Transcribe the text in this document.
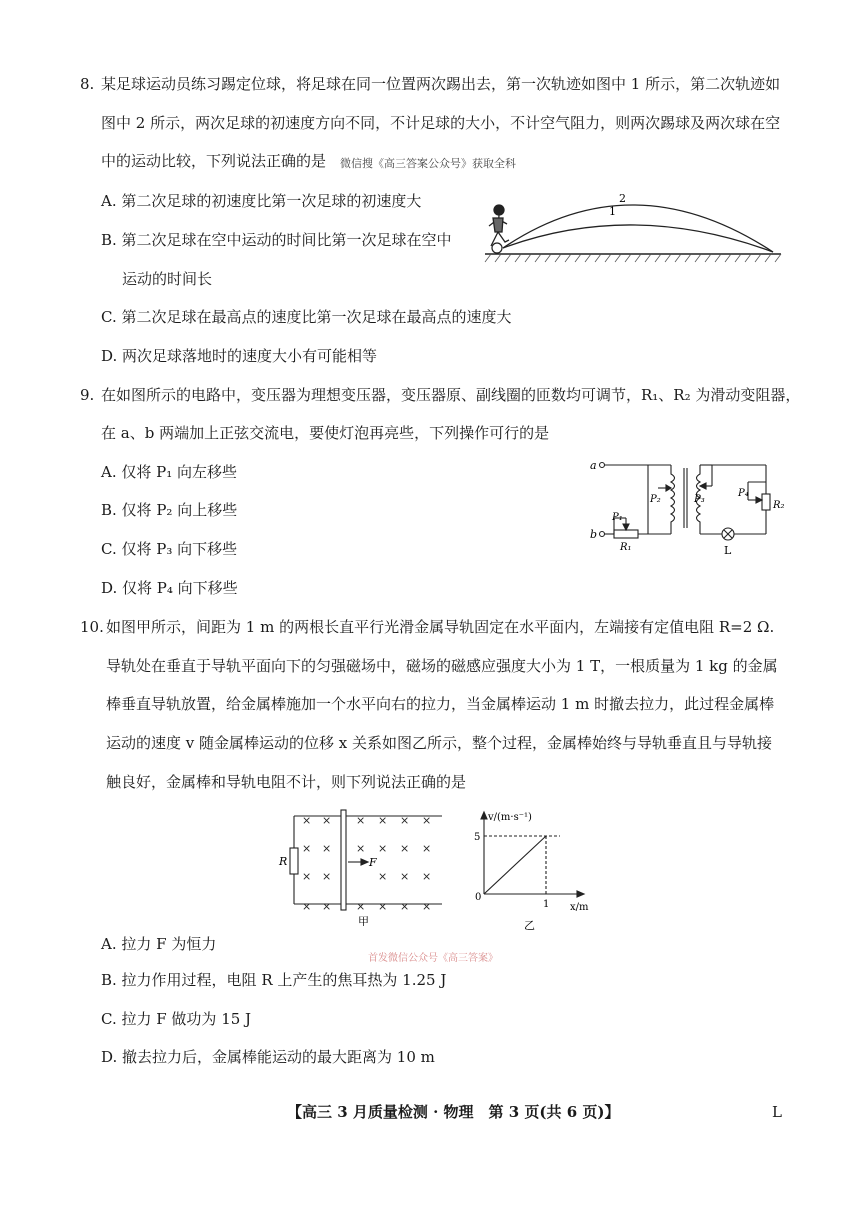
8. 某足球运动员练习踢定位球，将足球在同一位置两次踢出去，第一次轨迹如图中 1 所示，第二次轨迹如
图中 2 所示，两次足球的初速度方向不同，不计足球的大小，不计空气阻力，则两次踢球及两次球在空
中的运动比较，下列说法正确的是 微信搜《高三答案公众号》获取全科
A. 第二次足球的初速度比第一次足球的初速度大
B. 第二次足球在空中运动的时间比第一次足球在空中
运动的时间长
C. 第二次足球在最高点的速度比第一次足球在最高点的速度大
D. 两次足球落地时的速度大小有可能相等
2
1
9. 在如图所示的电路中，变压器为理想变压器，变压器原、副线圈的匝数均可调节，R₁、R₂ 为滑动变阻器，
在 a、b 两端加上正弦交流电，要使灯泡再亮些，下列操作可行的是
A. 仅将 P₁ 向左移些
B. 仅将 P₂ 向上移些
C. 仅将 P₃ 向下移些
D. 仅将 P₄ 向下移些
a
b
P₂	P₃
P₄
R₂
P₁
R₁	L
10. 如图甲所示，间距为 1 m 的两根长直平行光滑金属导轨固定在水平面内，左端接有定值电阻 R=2 Ω.
导轨处在垂直于导轨平面向下的匀强磁场中，磁场的磁感应强度大小为 1 T，一根质量为 1 kg 的金属
棒垂直导轨放置，给金属棒施加一个水平向右的拉力，当金属棒运动 1 m 时撤去拉力，此过程金属棒
运动的速度 v 随金属棒运动的位移 x 关系如图乙所示，整个过程，金属棒始终与导轨垂直且与导轨接
触良好，金属棒和导轨电阻不计，则下列说法正确的是
× × × × × ×
× × × × × ×
× ×	× × ×
× × × × × ×
R	F
甲
v/(m·s⁻¹)
x/m
5
1
0
乙
A. 拉力 F 为恒力
首发微信公众号《高三答案》
B. 拉力作用过程，电阻 R 上产生的焦耳热为 1.25 J
C. 拉力 F 做功为 15 J
D. 撤去拉力后，金属棒能运动的最大距离为 10 m
【高三 3 月质量检测 · 物理　第 3 页(共 6 页)】	L
